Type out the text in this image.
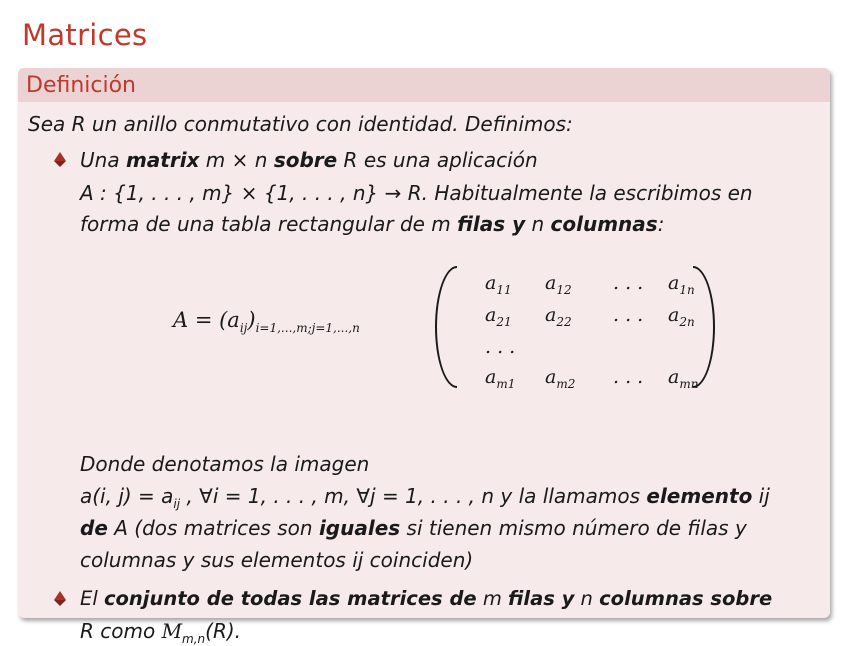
Matrices
Definición
Sea R un anillo conmutativo con identidad. Definimos:
Una matrix m × n sobre R es una aplicación
A : {1, . . . , m} × {1, . . . , n} → R. Habitualmente la escribimos en
forma de una tabla rectangular de m filas y n columnas:
$A = (a_{ij})_{i=1,...,m;j=1,...,n}$
$a_{11}$ $a_{12}$ . . . $a_{1n}$
$a_{21}$ $a_{22}$ . . . $a_{2n}$
. . .
$a_{m1}$ $a_{m2}$ . . . $a_{mn}$
Donde denotamos la imagen
a(i, $j) = a_{ij}$ , ∀i = 1, . . . , m, ∀j = 1, . . . , n y la llamamos elemento ij
de A (dos matrices son iguales si tienen mismo número de filas y
columnas y sus elementos ij coinciden)
El conjunto de todas las matrices de m filas y n columnas sobre
R como $M_{m,n}(R)$.
